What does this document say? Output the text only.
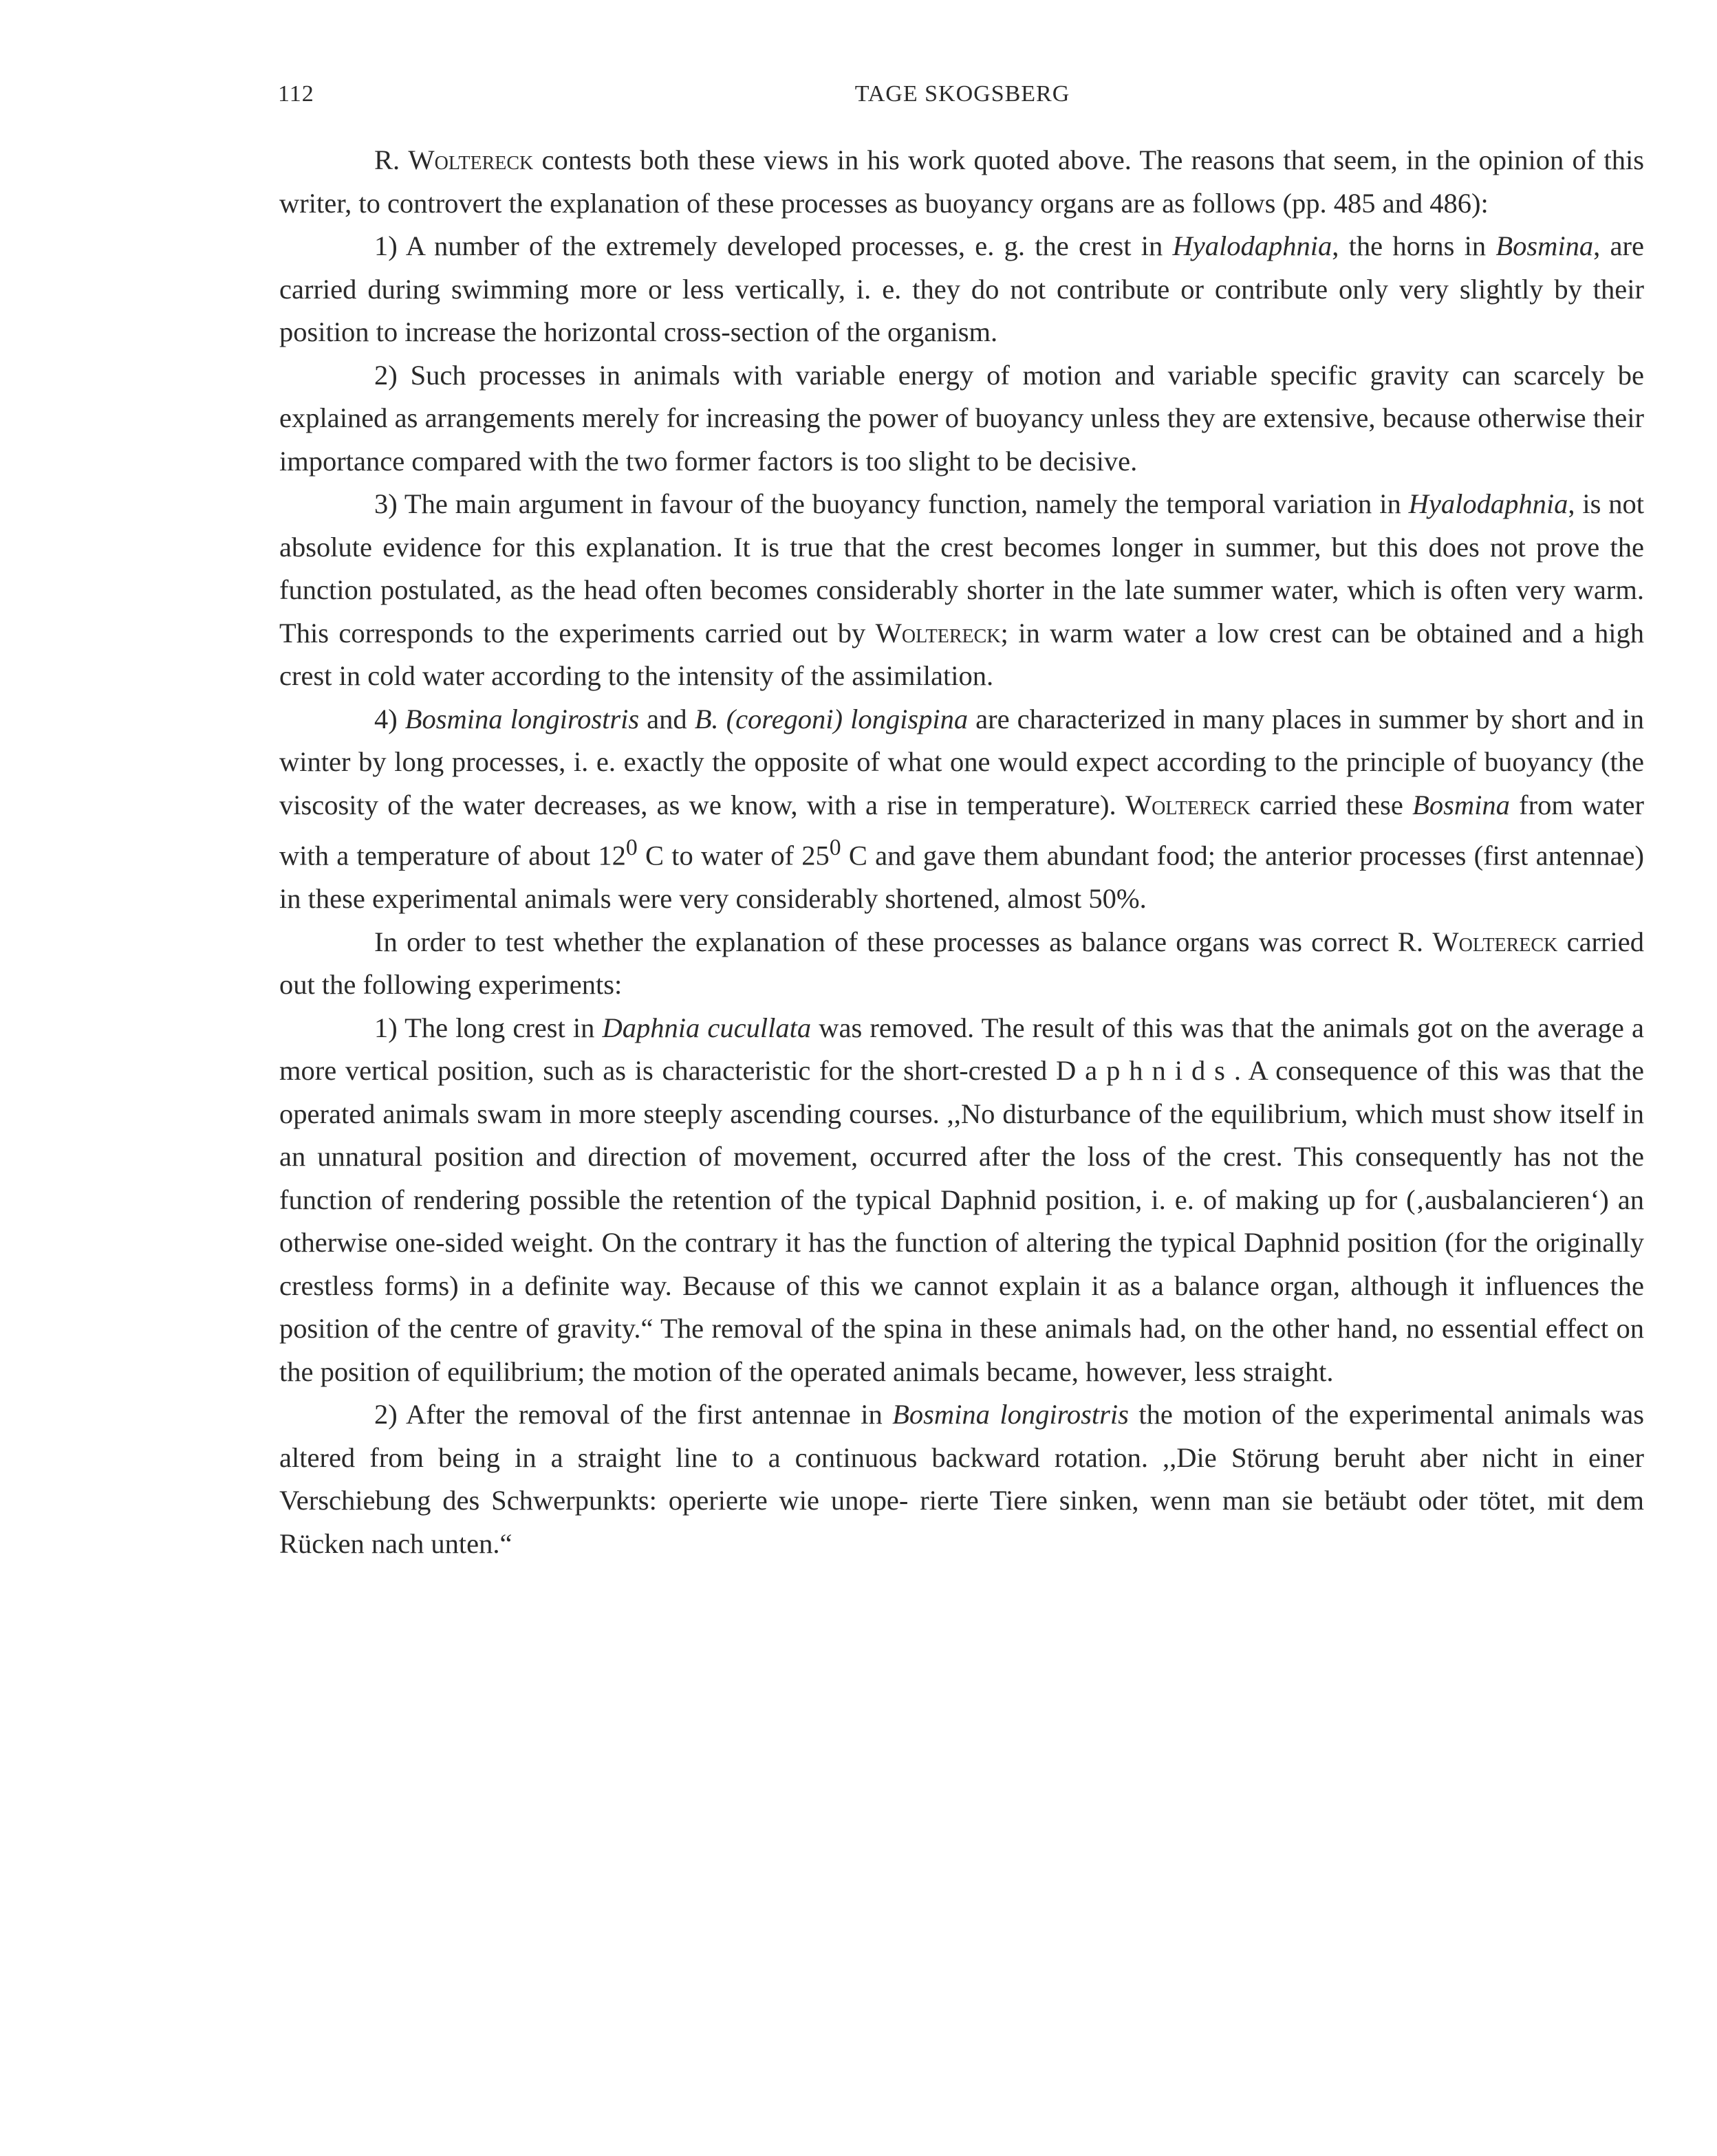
112	TAGE SKOGSBERG

R. Woltereck contests both these views in his work quoted above. The reasons that seem, in the opinion of this writer, to controvert the explanation of these processes as buoyancy organs are as follows (pp. 485 and 486):

1) A number of the extremely developed processes, e. g. the crest in Hyalodaphnia, the horns in Bosmina, are carried during swimming more or less vertically, i. e. they do not contribute or contribute only very slightly by their position to increase the horizontal cross-section of the organism.

2) Such processes in animals with variable energy of motion and variable specific gravity can scarcely be explained as arrangements merely for increasing the power of buoyancy unless they are extensive, because otherwise their importance compared with the two former factors is too slight to be decisive.

3) The main argument in favour of the buoyancy function, namely the temporal variation in Hyalodaphnia, is not absolute evidence for this explanation. It is true that the crest becomes longer in summer, but this does not prove the function postulated, as the head often becomes considerably shorter in the late summer water, which is often very warm. This corresponds to the experiments carried out by Woltereck; in warm water a low crest can be obtained and a high crest in cold water according to the intensity of the assimilation.

4) Bosmina longirostris and B. (coregoni) longispina are characterized in many places in summer by short and in winter by long processes, i. e. exactly the opposite of what one would expect according to the principle of buoyancy (the viscosity of the water decreases, as we know, with a rise in temperature). Woltereck carried these Bosmina from water with a temperature of about $12^0$ C to water of $25^0$ C and gave them abundant food; the anterior processes (first antennae) in these experimental animals were very considerably shortened, almost 50%.

In order to test whether the explanation of these processes as balance organs was correct R. Woltereck carried out the following experiments:

1) The long crest in Daphnia cucullata was removed. The result of this was that the animals got on the average a more vertical position, such as is characteristic for the short-crested Daphnids. A consequence of this was that the operated animals swam in more steeply ascending courses. ,,No disturbance of the equilibrium, which must show itself in an unnatural position and direction of movement, occurred after the loss of the crest. This consequently has not the function of rendering possible the retention of the typical Daphnid position, i. e. of making up for (‚ausbalancieren‘) an otherwise one-sided weight. On the contrary it has the function of altering the typical Daphnid position (for the originally crestless forms) in a definite way. Because of this we cannot explain it as a balance organ, although it influences the position of the centre of gravity.“ The removal of the spina in these animals had, on the other hand, no essential effect on the position of equilibrium; the motion of the operated animals became, however, less straight.

2) After the removal of the first antennae in Bosmina longirostris the motion of the experimental animals was altered from being in a straight line to a continuous backward rotation. ,,Die Störung beruht aber nicht in einer Verschiebung des Schwerpunkts: operierte wie unope- rierte Tiere sinken, wenn man sie betäubt oder tötet, mit dem Rücken nach unten.“
